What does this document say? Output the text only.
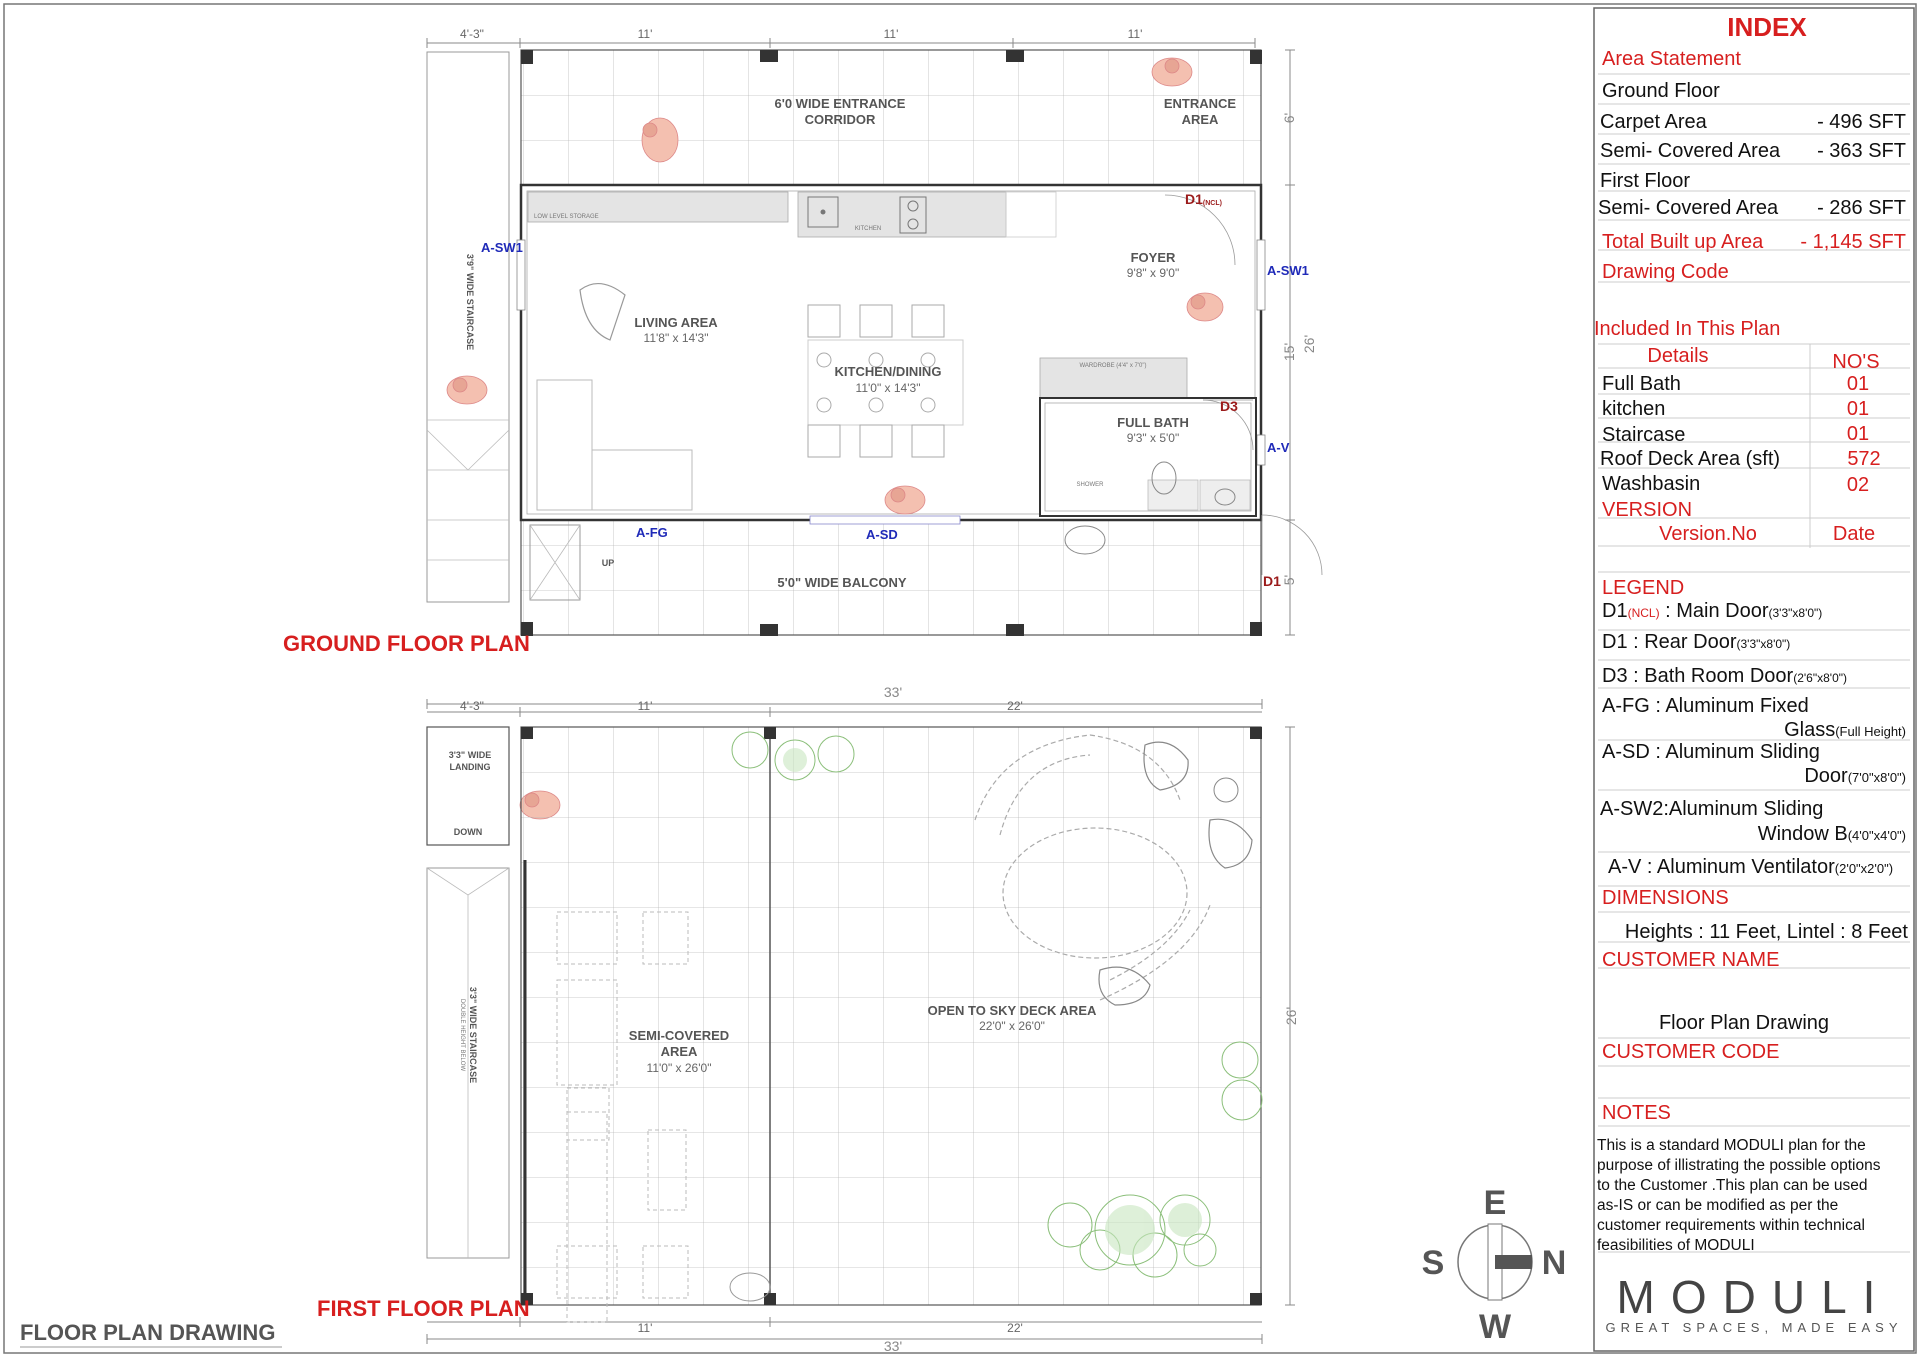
4'-3"	11'	11'	11'
6'
15' 26'
5'
3'9" WIDE STAIRCASE
LOW LEVEL STORAGE
KITCHEN
WARDROBE (4'4" x 7'0")
SHOWER
6'0 WIDE ENTRANCE
CORRIDOR
ENTRANCE
AREA
FOYER
9'8" x 9'0"
LIVING AREA
11'8" x 14'3"
KITCHEN/DINING
11'0" x 14'3"
FULL BATH
9'3" x 5'0"
5'0" WIDE BALCONY
UP
A-SW1
A-SW1
A-V
A-FG	A-SD
D1(NCL)
D3
D1
GROUND FLOOR PLAN
33'
4'-3"	11'	22'
26'
11'	22'
33'
3'3" WIDE
LANDING
DOWN
3'3" WIDE STAIRCASE
DOUBLE HEIGHT BELOW	SEMI-COVERED
AREA
11'0" x 26'0"
OPEN TO SKY DECK AREA
22'0" x 26'0"
FIRST FLOOR PLAN
FLOOR PLAN DRAWING
E
S	N
W
INDEX
Area Statement
Ground Floor
Carpet Area	- 496 SFT
Semi- Covered Area - 363 SFT
First Floor
Semi- Covered Area - 286 SFT
Total Built up Area - 1,145 SFT
Drawing Code
Included In This Plan
Details	NO'S
Full Bath	01
kitchen	01
Staircase	01
Roof Deck Area (sft)	572
Washbasin	02
VERSION
Version.No	Date
LEGEND
D1(NCL) : Main Door(3'3"x8'0")
D1 : Rear Door(3'3"x8'0")
D3 : Bath Room Door(2'6"x8'0")
A-FG : Aluminum Fixed
Glass(Full Height)
A-SD : Aluminum Sliding
Door(7'0"x8'0")
A-SW2:Aluminum Sliding
Window B(4'0"x4'0")
A-V : Aluminum Ventilator(2'0"x2'0")
DIMENSIONS
Heights : 11 Feet, Lintel : 8 Feet
CUSTOMER NAME
Floor Plan Drawing
CUSTOMER CODE
NOTES
This is a standard MODULI plan for the
purpose of illistrating the possible options
to the Customer .This plan can be used
as-IS or can be modified as per the
customer requirements within technical
feasibilities of MODULI
MODULI
GREAT SPACES, MADE EASY
